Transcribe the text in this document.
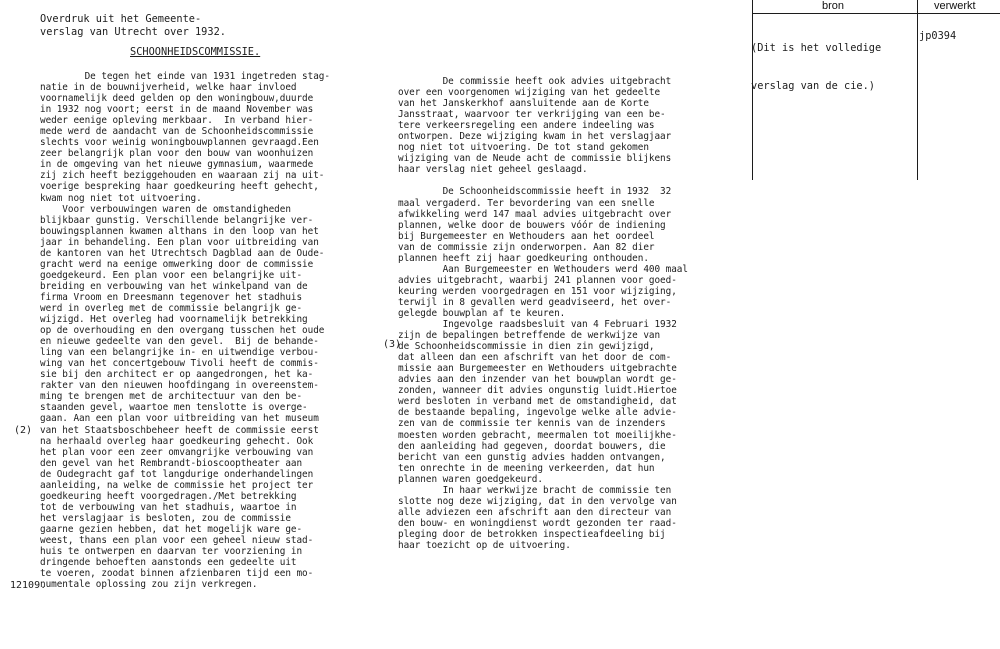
Overdruk uit het Gemeente-
verslag van Utrecht over 1932.
SCHOONHEIDSCOMMISSIE.
De tegen het einde van 1931 ingetreden stag-
natie in de bouwnijverheid, welke haar invloed
voornamelijk deed gelden op den woningbouw,duurde
in 1932 nog voort; eerst in de maand November was
weder eenige opleving merkbaar.  In verband hier-
mede werd de aandacht van de Schoonheidscommissie
slechts voor weinig woningbouwplannen gevraagd.Een
zeer belangrijk plan voor den bouw van woonhuizen
in de omgeving van het nieuwe gymnasium, waarmede
zij zich heeft beziggehouden en waaraan zij na uit-
voerige bespreking haar goedkeuring heeft gehecht,
kwam nog niet tot uitvoering.
Voor verbouwingen waren de omstandigheden
blijkbaar gunstig. Verschillende belangrijke ver-
bouwingsplannen kwamen althans in den loop van het
jaar in behandeling. Een plan voor uitbreiding van
de kantoren van het Utrechtsch Dagblad aan de Oude-
gracht werd na eenige omwerking door de commissie
goedgekeurd. Een plan voor een belangrijke uit-
breiding en verbouwing van het winkelpand van de
firma Vroom en Dreesmann tegenover het stadhuis
werd in overleg met de commissie belangrijk ge-
wijzigd. Het overleg had voornamelijk betrekking
op de overhouding en den overgang tusschen het oude
en nieuwe gedeelte van den gevel.  Bij de behande-
ling van een belangrijke in- en uitwendige verbou-
wing van het concertgebouw Tivoli heeft de commis-
sie bij den architect er op aangedrongen, het ka-
rakter van den nieuwen hoofdingang in overeenstem-
ming te brengen met de architectuur van den be-
staanden gevel, waartoe men tenslotte is overge-
gaan. Aan een plan voor uitbreiding van het museum
van het Staatsboschbeheer heeft de commissie eerst
na herhaald overleg haar goedkeuring gehecht. Ook
het plan voor een zeer omvangrijke verbouwing van
den gevel van het Rembrandt-bioscooptheater aan
de Oudegracht gaf tot langdurige onderhandelingen
aanleiding, na welke de commissie het project ter
goedkeuring heeft voorgedragen./Met betrekking
tot de verbouwing van het stadhuis, waartoe in
het verslagjaar is besloten, zou de commissie
gaarne gezien hebben, dat het mogelijk ware ge-
weest, thans een plan voor een geheel nieuw stad-
huis te ontwerpen en daarvan ter voorziening in
dringende behoeften aanstonds een gedeelte uit
te voeren, zoodat binnen afzienbaren tijd een mo-
numentale oplossing zou zijn verkregen.
De commissie heeft ook advies uitgebracht
over een voorgenomen wijziging van het gedeelte
van het Janskerkhof aansluitende aan de Korte
Jansstraat, waarvoor ter verkrijging van een be-
tere verkeersregeling een andere indeeling was
ontworpen. Deze wijziging kwam in het verslagjaar
nog niet tot uitvoering. De tot stand gekomen
wijziging van de Neude acht de commissie blijkens
haar verslag niet geheel geslaagd.

De Schoonheidscommissie heeft in 1932  32
maal vergaderd. Ter bevordering van een snelle
afwikkeling werd 147 maal advies uitgebracht over
plannen, welke door de bouwers vóór de indiening
bij Burgemeester en Wethouders aan het oordeel
van de commissie zijn onderworpen. Aan 82 dier
plannen heeft zij haar goedkeuring onthouden.
Aan Burgemeester en Wethouders werd 400 maal
advies uitgebracht, waarbij 241 plannen voor goed-
keuring werden voorgedragen en 151 voor wijziging,
terwijl in 8 gevallen werd geadviseerd, het over-
gelegde bouwplan af te keuren.
Ingevolge raadsbesluit van 4 Februari 1932
zijn de bepalingen betreffende de werkwijze van
de Schoonheidscommissie in dien zin gewijzigd,
dat alleen dan een afschrift van het door de com-
missie aan Burgemeester en Wethouders uitgebrachte
advies aan den inzender van het bouwplan wordt ge-
zonden, wanneer dit advies ongunstig luidt.Hiertoe
werd besloten in verband met de omstandigheid, dat
de bestaande bepaling, ingevolge welke alle advie-
zen van de commissie ter kennis van de inzenders
moesten worden gebracht, meermalen tot moeilijkhe-
den aanleiding had gegeven, doordat bouwers, die
bericht van een gunstig advies hadden ontvangen,
ten onrechte in de meening verkeerden, dat hun
plannen waren goedgekeurd.
In haar werkwijze bracht de commissie ten
slotte nog deze wijziging, dat in den vervolge van
alle adviezen een afschrift aan den directeur van
den bouw- en woningdienst wordt gezonden ter raad-
pleging door de betrokken inspectieafdeeling bij
haar toezicht op de uitvoering.
(2)
(3)
12109.
bron	verwerkt

(Dit is het volledige

verslag van de cie.)

jp0394
